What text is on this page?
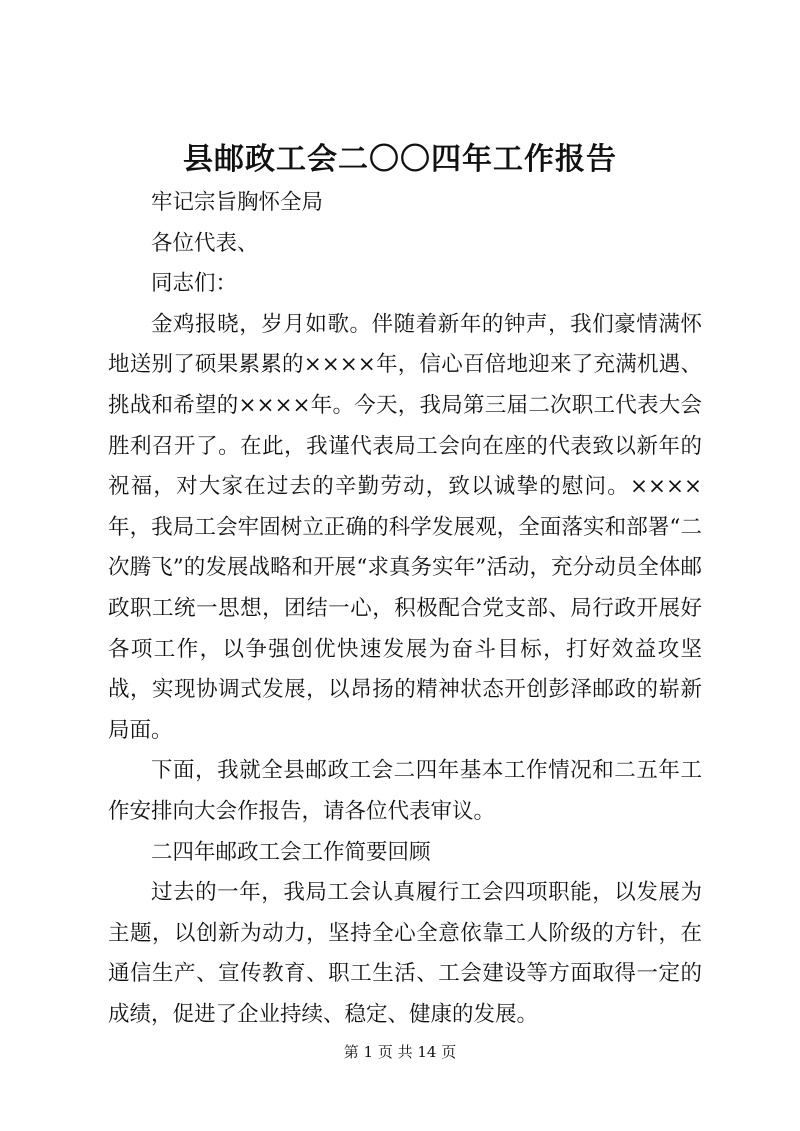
县邮政工会二〇〇四年工作报告

牢记宗旨胸怀全局

各位代表、

同志们：

金鸡报晓，岁月如歌。伴随着新年的钟声，我们豪情满怀地送别了硕果累累的××××年，信心百倍地迎来了充满机遇、挑战和希望的××××年。今天，我局第三届二次职工代表大会胜利召开了。在此，我谨代表局工会向在座的代表致以新年的祝福，对大家在过去的辛勤劳动，致以诚挚的慰问。××××年，我局工会牢固树立正确的科学发展观，全面落实和部署“二次腾飞”的发展战略和开展“求真务实年”活动，充分动员全体邮政职工统一思想，团结一心，积极配合党支部、局行政开展好各项工作，以争强创优快速发展为奋斗目标，打好效益攻坚战，实现协调式发展，以昂扬的精神状态开创彭泽邮政的崭新局面。

下面，我就全县邮政工会二四年基本工作情况和二五年工作安排向大会作报告，请各位代表审议。

二四年邮政工会工作简要回顾

过去的一年，我局工会认真履行工会四项职能，以发展为主题，以创新为动力，坚持全心全意依靠工人阶级的方针，在通信生产、宣传教育、职工生活、工会建设等方面取得一定的成绩，促进了企业持续、稳定、健康的发展。

第 1 页 共 14 页
